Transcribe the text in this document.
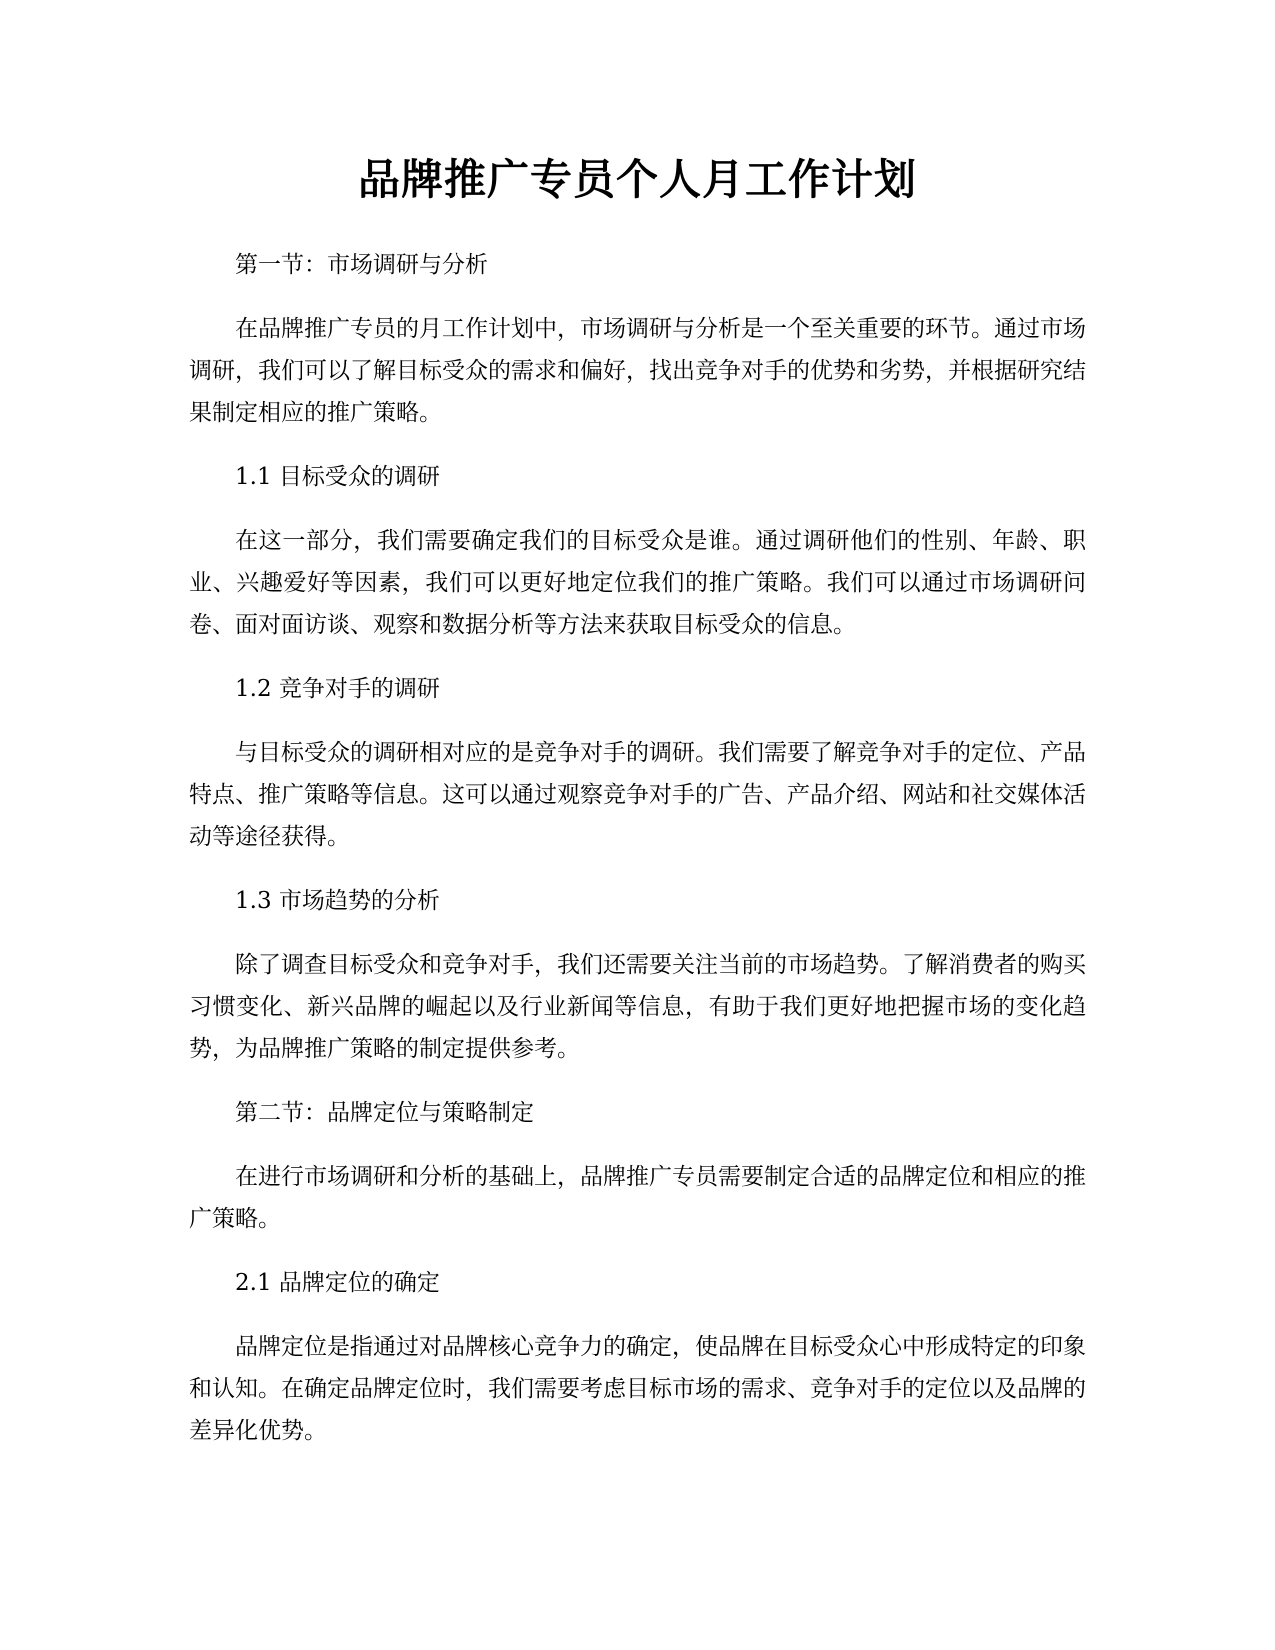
品牌推广专员个人月工作计划

第一节：市场调研与分析

在品牌推广专员的月工作计划中，市场调研与分析是一个至关重要的环节。通过市场调研，我们可以了解目标受众的需求和偏好，找出竞争对手的优势和劣势，并根据研究结果制定相应的推广策略。

1.1 目标受众的调研

在这一部分，我们需要确定我们的目标受众是谁。通过调研他们的性别、年龄、职业、兴趣爱好等因素，我们可以更好地定位我们的推广策略。我们可以通过市场调研问卷、面对面访谈、观察和数据分析等方法来获取目标受众的信息。

1.2 竞争对手的调研

与目标受众的调研相对应的是竞争对手的调研。我们需要了解竞争对手的定位、产品特点、推广策略等信息。这可以通过观察竞争对手的广告、产品介绍、网站和社交媒体活动等途径获得。

1.3 市场趋势的分析

除了调查目标受众和竞争对手，我们还需要关注当前的市场趋势。了解消费者的购买习惯变化、新兴品牌的崛起以及行业新闻等信息，有助于我们更好地把握市场的变化趋势，为品牌推广策略的制定提供参考。

第二节：品牌定位与策略制定

在进行市场调研和分析的基础上，品牌推广专员需要制定合适的品牌定位和相应的推广策略。

2.1 品牌定位的确定

品牌定位是指通过对品牌核心竞争力的确定，使品牌在目标受众心中形成特定的印象和认知。在确定品牌定位时，我们需要考虑目标市场的需求、竞争对手的定位以及品牌的差异化优势。
